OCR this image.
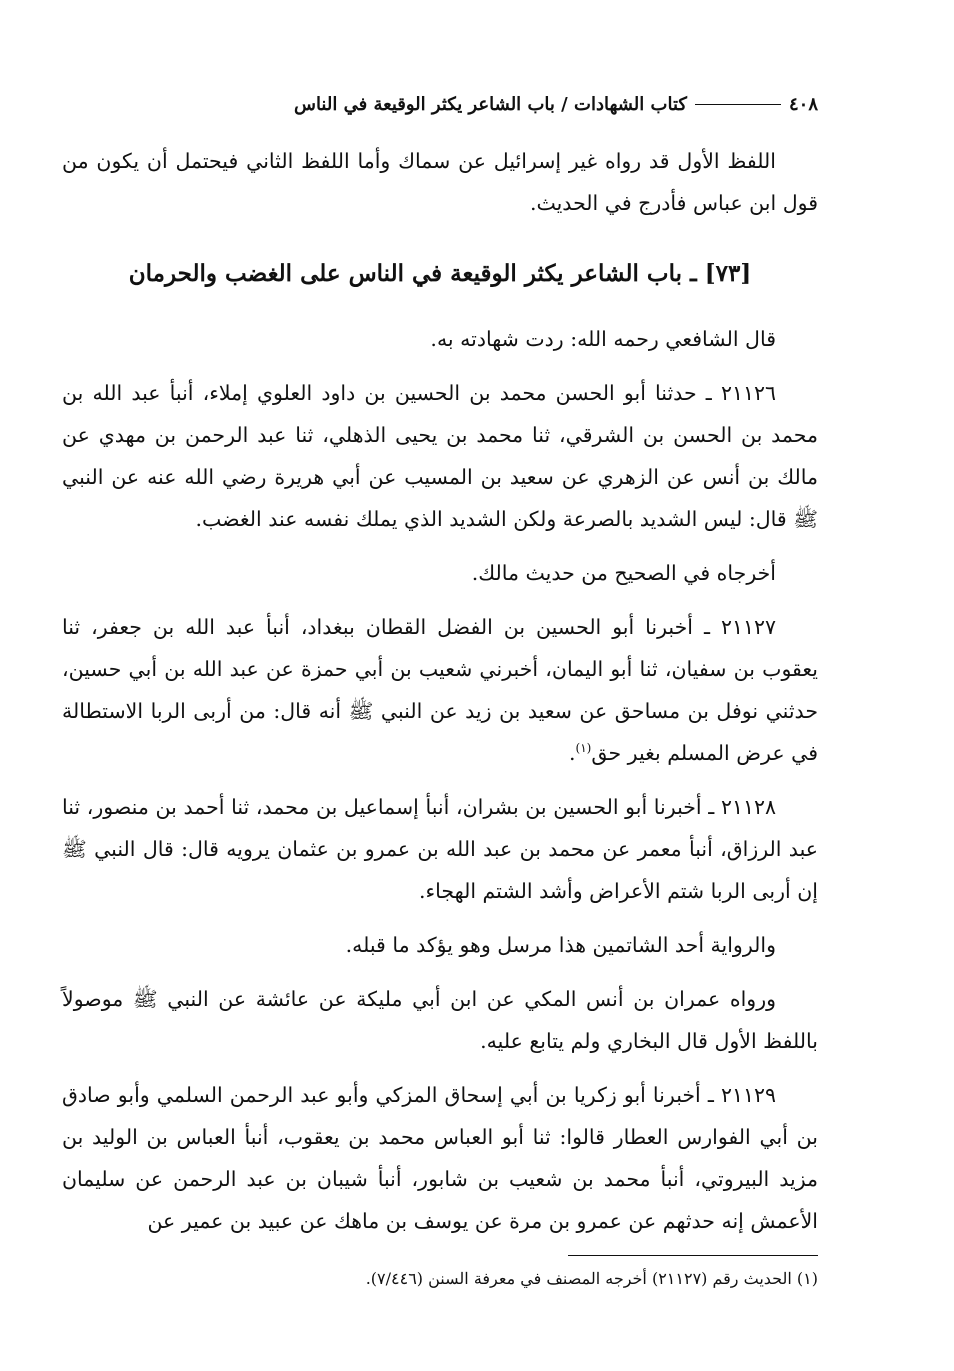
٤٠٨
كتاب الشهادات / باب الشاعر يكثر الوقيعة في الناس

اللفظ الأول قد رواه غير إسرائيل عن سماك وأما اللفظ الثاني فيحتمل أن يكون من قول ابن عباس فأدرج في الحديث.

[٧٣] ـ باب الشاعر يكثر الوقيعة في الناس على الغضب والحرمان

قال الشافعي رحمه الله: ردت شهادته به.

٢١١٢٦ ـ حدثنا أبو الحسن محمد بن الحسين بن داود العلوي إملاء، أنبأ عبد الله بن محمد بن الحسن بن الشرقي، ثنا محمد بن يحيى الذهلي، ثنا عبد الرحمن بن مهدي عن مالك بن أنس عن الزهري عن سعيد بن المسيب عن أبي هريرة رضي الله عنه عن النبي ﷺ قال: ليس الشديد بالصرعة ولكن الشديد الذي يملك نفسه عند الغضب.

أخرجاه في الصحيح من حديث مالك.

٢١١٢٧ ـ أخبرنا أبو الحسين بن الفضل القطان ببغداد، أنبأ عبد الله بن جعفر، ثنا يعقوب بن سفيان، ثنا أبو اليمان، أخبرني شعيب بن أبي حمزة عن عبد الله بن أبي حسين، حدثني نوفل بن مساحق عن سعيد بن زيد عن النبي ﷺ أنه قال: من أربى الربا الاستطالة في عرض المسلم بغير حق$^{(١)}$.

٢١١٢٨ ـ أخبرنا أبو الحسين بن بشران، أنبأ إسماعيل بن محمد، ثنا أحمد بن منصور، ثنا عبد الرزاق، أنبأ معمر عن محمد بن عبد الله بن عمرو بن عثمان يرويه قال: قال النبي ﷺ إن أربى الربا شتم الأعراض وأشد الشتم الهجاء.

والرواية أحد الشاتمين هذا مرسل وهو يؤكد ما قبله.

ورواه عمران بن أنس المكي عن ابن أبي مليكة عن عائشة عن النبي ﷺ موصولاً باللفظ الأول قال البخاري ولم يتابع عليه.

٢١١٢٩ ـ أخبرنا أبو زكريا بن أبي إسحاق المزكي وأبو عبد الرحمن السلمي وأبو صادق بن أبي الفوارس العطار قالوا: ثنا أبو العباس محمد بن يعقوب، أنبأ العباس بن الوليد بن مزيد البيروتي، أنبأ محمد بن شعيب بن شابور، أنبأ شيبان بن عبد الرحمن عن سليمان الأعمش إنه حدثهم عن عمرو بن مرة عن يوسف بن ماهك عن عبيد بن عمير عن

(١) الحديث رقم (٢١١٢٧) أخرجه المصنف في معرفة السنن (٧/٤٤٦).
